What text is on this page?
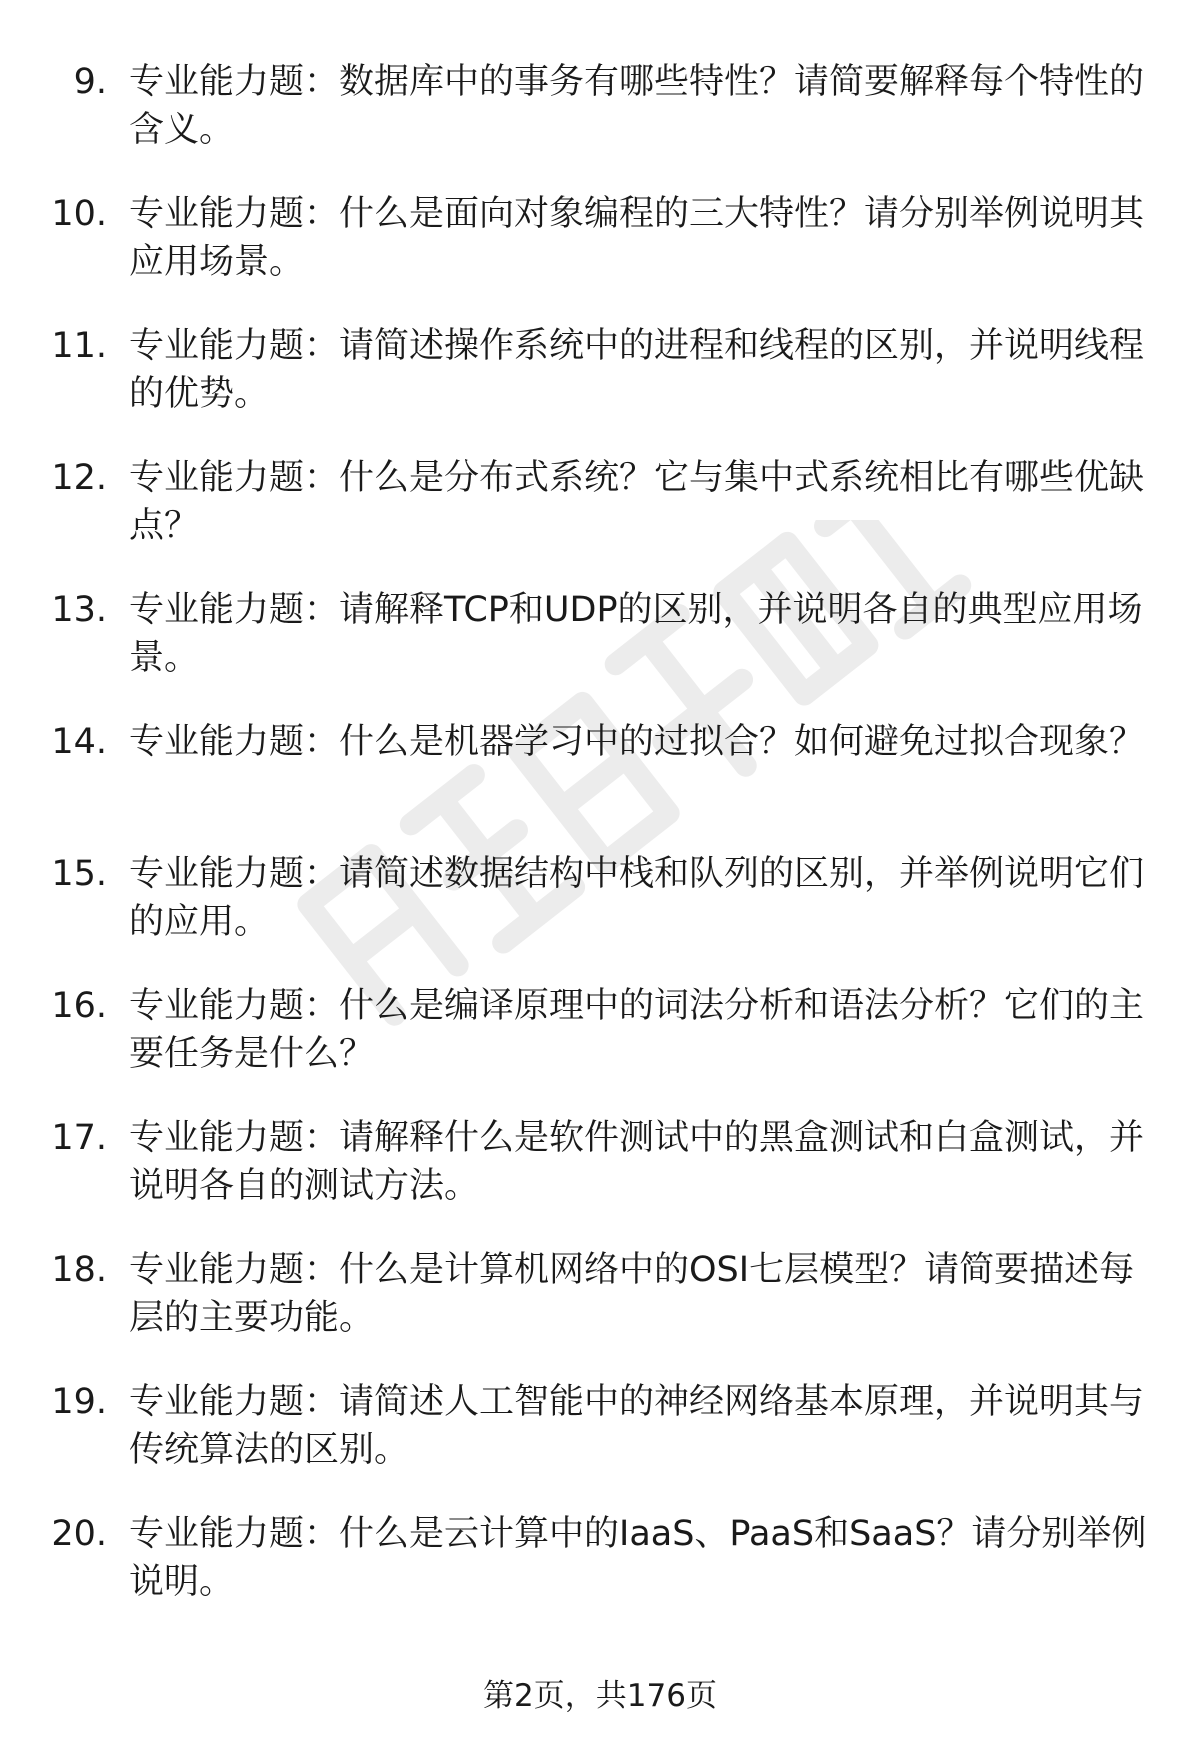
9. 专业能力题：数据库中的事务有哪些特性？请简要解释每个特性的含义。
10. 专业能力题：什么是面向对象编程的三大特性？请分别举例说明其应用场景。
11. 专业能力题：请简述操作系统中的进程和线程的区别，并说明线程的优势。
12. 专业能力题：什么是分布式系统？它与集中式系统相比有哪些优缺点？
13. 专业能力题：请解释TCP和UDP的区别，并说明各自的典型应用场景。
14. 专业能力题：什么是机器学习中的过拟合？如何避免过拟合现象？
15. 专业能力题：请简述数据结构中栈和队列的区别，并举例说明它们的应用。
16. 专业能力题：什么是编译原理中的词法分析和语法分析？它们的主要任务是什么？
17. 专业能力题：请解释什么是软件测试中的黑盒测试和白盒测试，并说明各自的测试方法。
18. 专业能力题：什么是计算机网络中的OSI七层模型？请简要描述每层的主要功能。
19. 专业能力题：请简述人工智能中的神经网络基本原理，并说明其与传统算法的区别。
20. 专业能力题：什么是云计算中的IaaS、PaaS和SaaS？请分别举例说明。
第2页，共176页
